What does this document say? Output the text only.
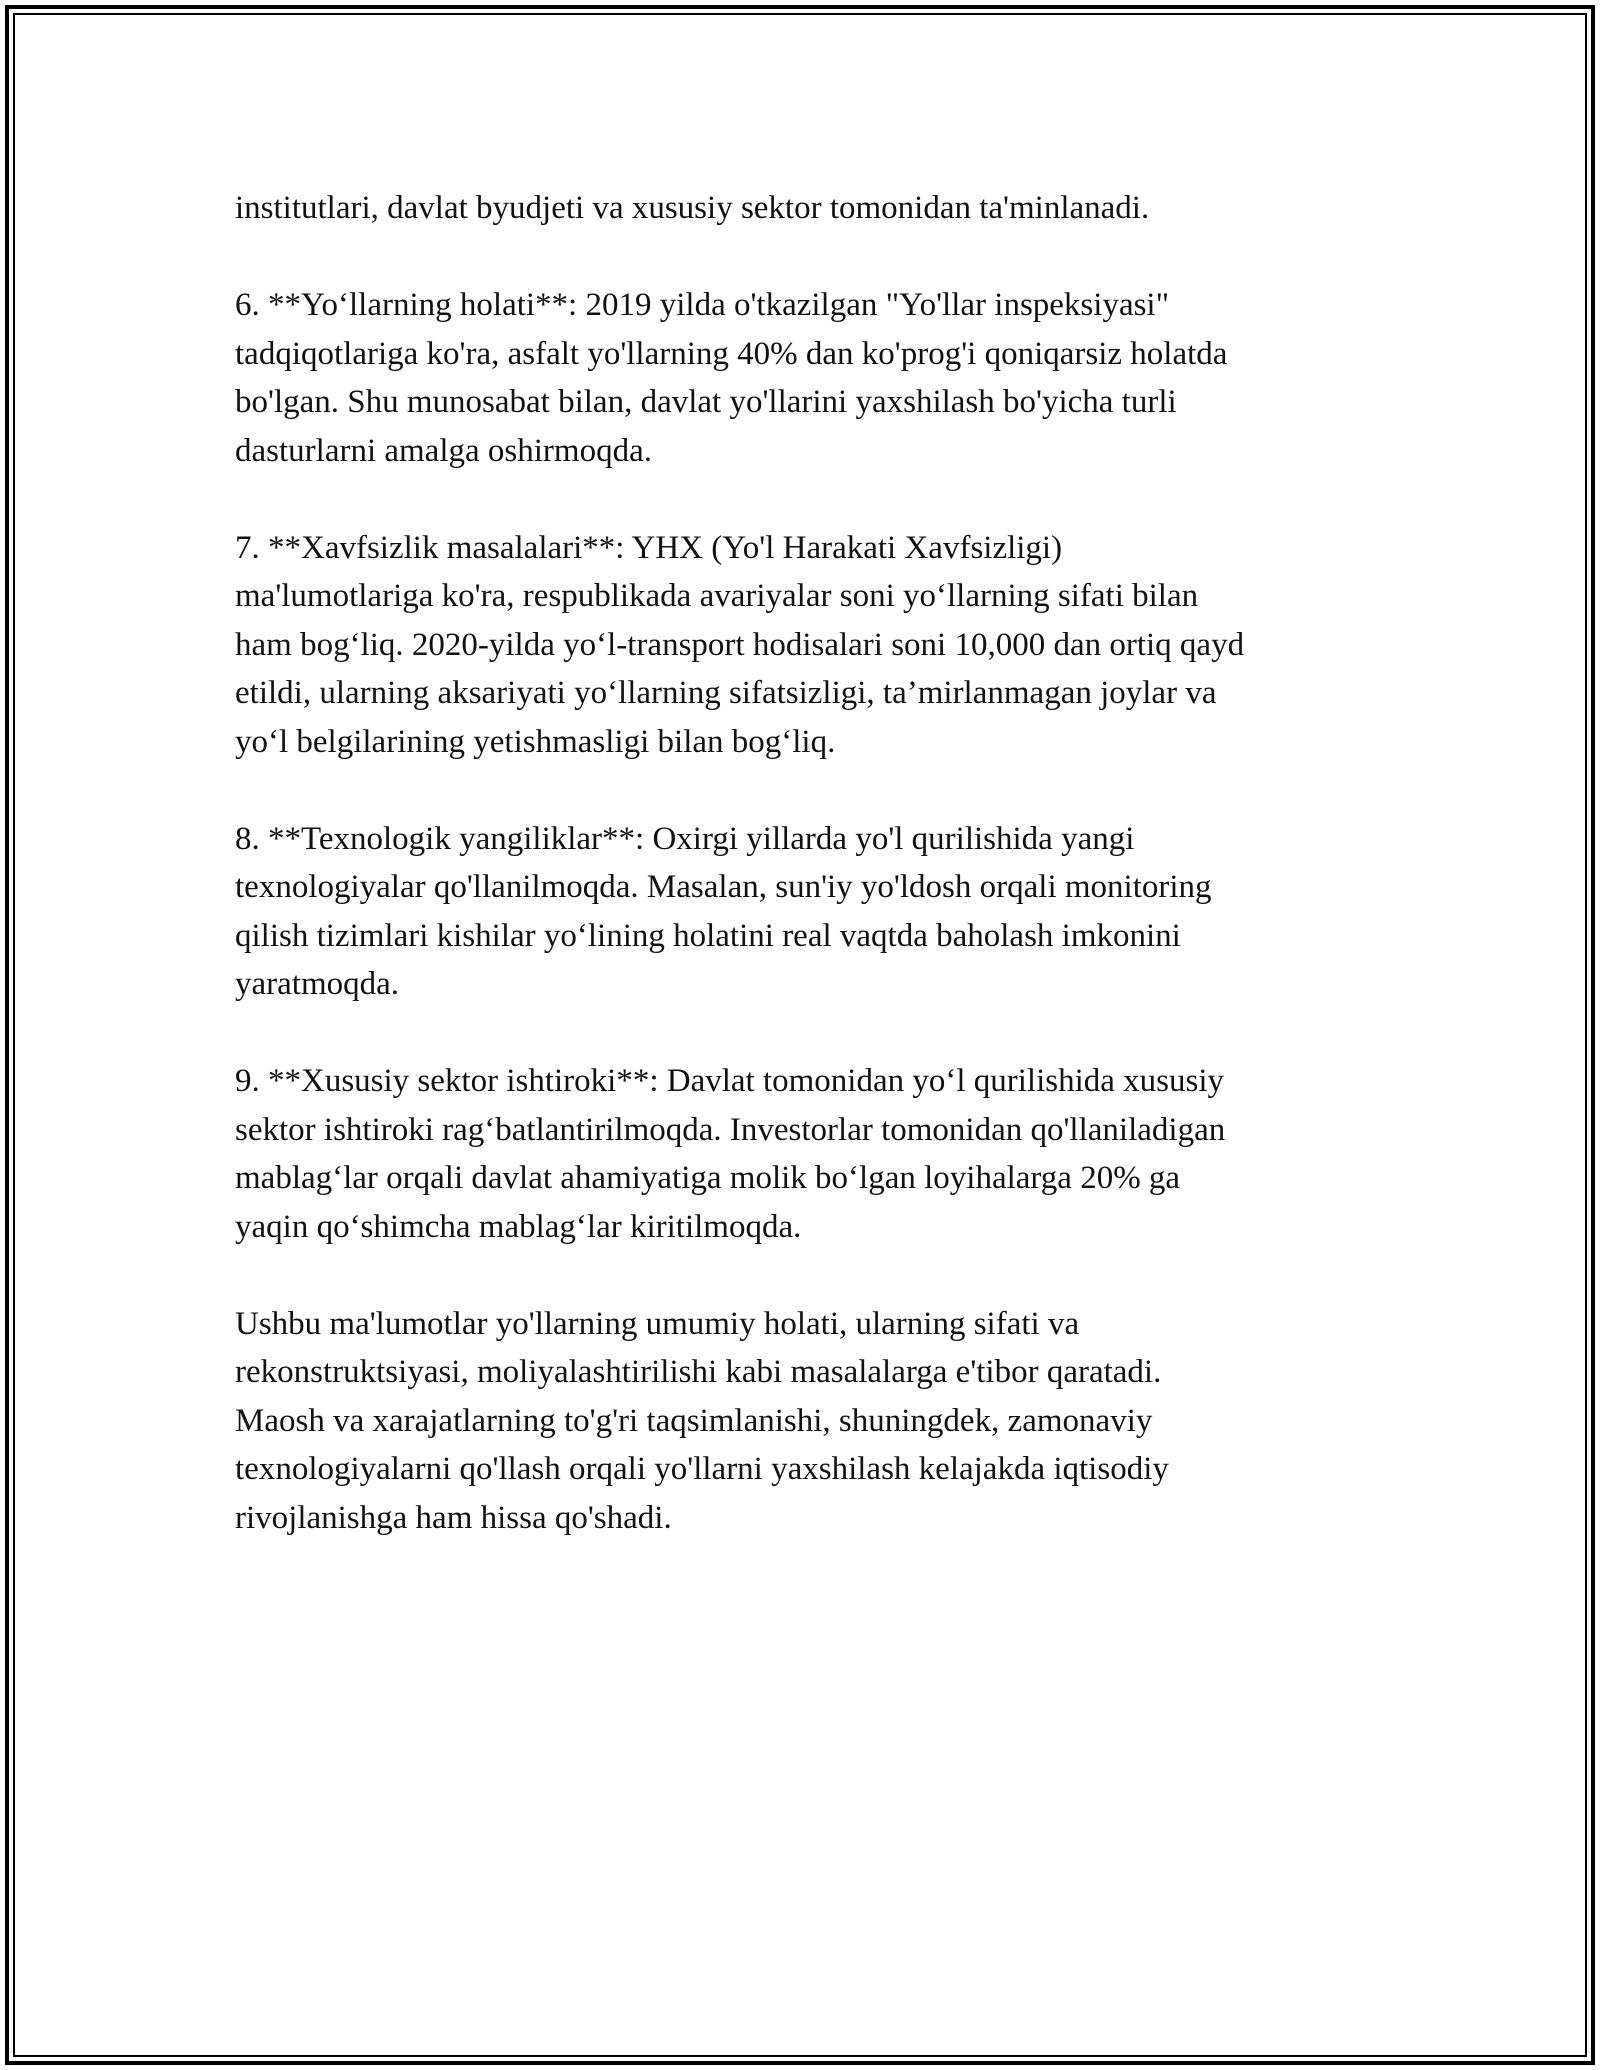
institutlari, davlat byudjeti va xususiy sektor tomonidan ta'minlanadi.

6. **Yo‘llarning holati**: 2019 yilda o'tkazilgan "Yo'llar inspeksiyasi"
tadqiqotlariga ko'ra, asfalt yo'llarning 40% dan ko'prog'i qoniqarsiz holatda
bo'lgan. Shu munosabat bilan, davlat yo'llarini yaxshilash bo'yicha turli
dasturlarni amalga oshirmoqda.

7. **Xavfsizlik masalalari**: YHX (Yo'l Harakati Xavfsizligi)
ma'lumotlariga ko'ra, respublikada avariyalar soni yo‘llarning sifati bilan
ham bog‘liq. 2020-yilda yo‘l-transport hodisalari soni 10,000 dan ortiq qayd
etildi, ularning aksariyati yo‘llarning sifatsizligi, ta’mirlanmagan joylar va
yo‘l belgilarining yetishmasligi bilan bog‘liq.

8. **Texnologik yangiliklar**: Oxirgi yillarda yo'l qurilishida yangi
texnologiyalar qo'llanilmoqda. Masalan, sun'iy yo'ldosh orqali monitoring
qilish tizimlari kishilar yo‘lining holatini real vaqtda baholash imkonini
yaratmoqda.

9. **Xususiy sektor ishtiroki**: Davlat tomonidan yo‘l qurilishida xususiy
sektor ishtiroki rag‘batlantirilmoqda. Investorlar tomonidan qo'llaniladigan
mablag‘lar orqali davlat ahamiyatiga molik bo‘lgan loyihalarga 20% ga
yaqin qo‘shimcha mablag‘lar kiritilmoqda.

Ushbu ma'lumotlar yo'llarning umumiy holati, ularning sifati va
rekonstruktsiyasi, moliyalashtirilishi kabi masalalarga e'tibor qaratadi.
Maosh va xarajatlarning to'g'ri taqsimlanishi, shuningdek, zamonaviy
texnologiyalarni qo'llash orqali yo'llarni yaxshilash kelajakda iqtisodiy
rivojlanishga ham hissa qo'shadi.
